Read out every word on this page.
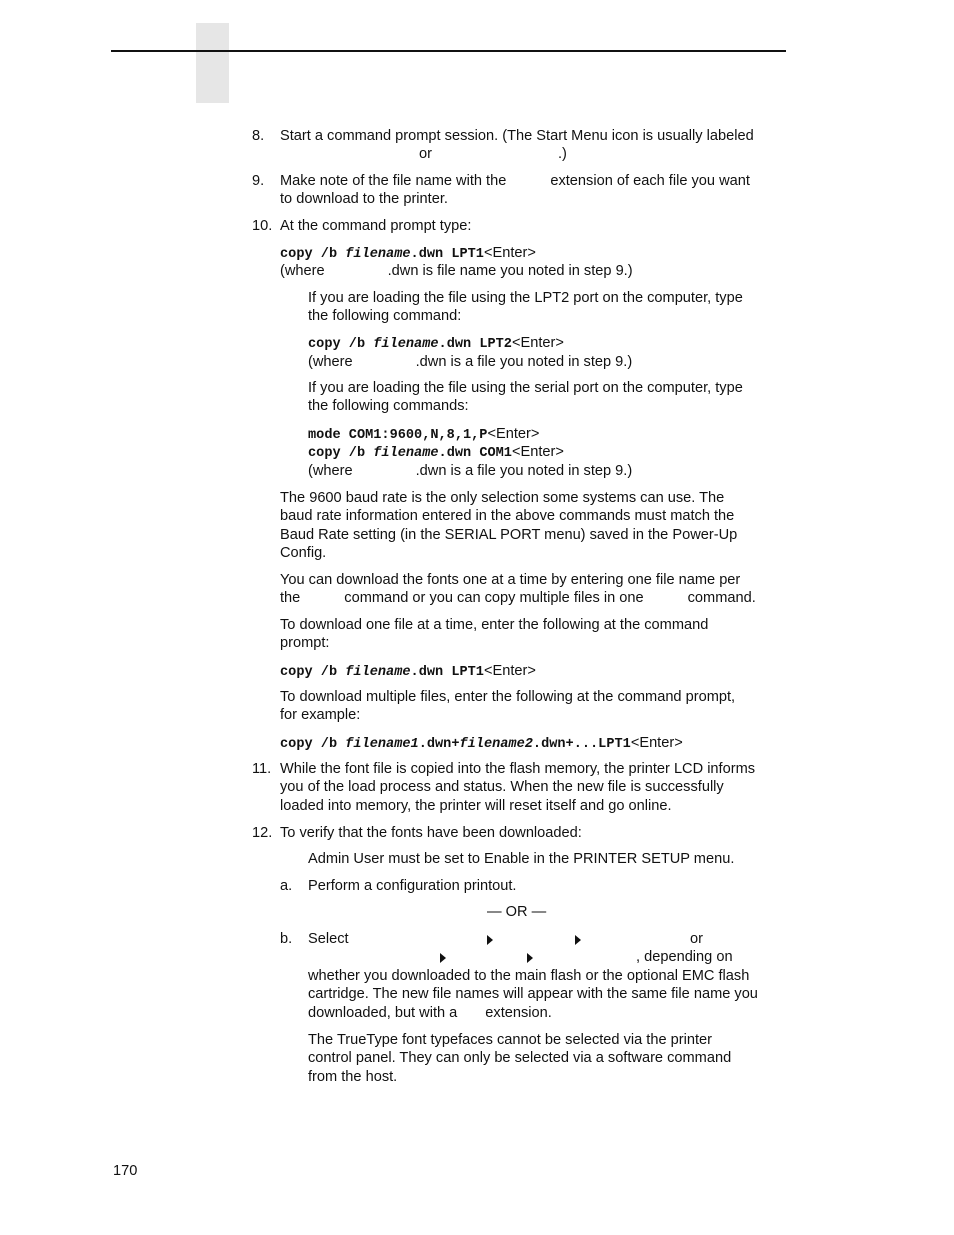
8. Start a command prompt session. (The Start Menu icon is usually labeled
or	.)
9. Make note of the file name with the	extension of each file you want
to download to the printer.
10. At the command prompt type:
copy /b filename.dwn LPT1<Enter>
(where	.dwn is file name you noted in step 9.)
If you are loading the file using the LPT2 port on the computer, type
the following command:
copy /b filename.dwn LPT2<Enter>
(where	.dwn is a file you noted in step 9.)
If you are loading the file using the serial port on the computer, type
the following commands:
mode COM1:9600,N,8,1,P<Enter>
copy /b filename.dwn COM1<Enter>
(where	.dwn is a file you noted in step 9.)
The 9600 baud rate is the only selection some systems can use. The
baud rate information entered in the above commands must match the
Baud Rate setting (in the SERIAL PORT menu) saved in the Power-Up
Config.
You can download the fonts one at a time by entering one file name per
the	command or you can copy multiple files in one	command.
To download one file at a time, enter the following at the command
prompt:
copy /b filename.dwn LPT1<Enter>
To download multiple files, enter the following at the command prompt,
for example:
copy /b filename1.dwn+filename2.dwn+...LPT1<Enter>
11. While the font file is copied into the flash memory, the printer LCD informs
you of the load process and status. When the new file is successfully
loaded into memory, the printer will reset itself and go online.
12. To verify that the fonts have been downloaded:
Admin User must be set to Enable in the PRINTER SETUP menu.
a. Perform a configuration printout.
— OR —
b. Select	or
, depending on
whether you downloaded to the main flash or the optional EMC flash
cartridge. The new file names will appear with the same file name you
downloaded, but with a extension.
The TrueType font typefaces cannot be selected via the printer
control panel. They can only be selected via a software command
from the host.
170
